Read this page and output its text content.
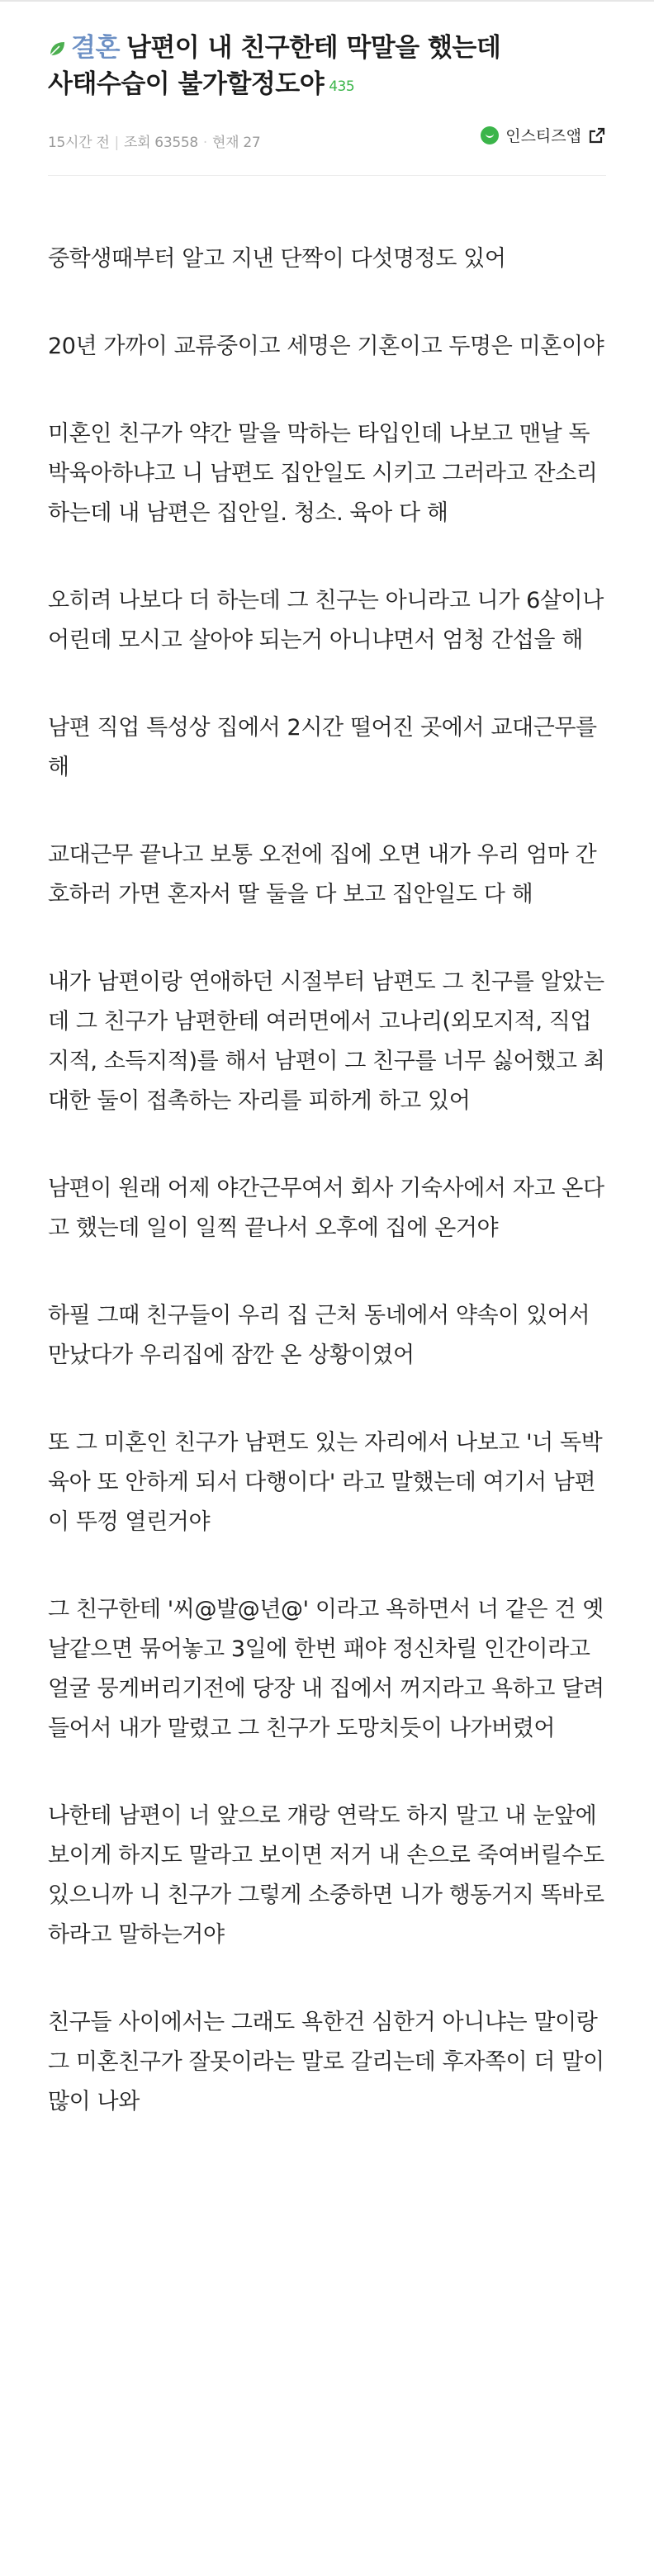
결혼 남편이 내 친구한테 막말을 했는데 사태수습이 불가할정도야 435
15시간 전 | 조회 63558 · 현재 27	인스티즈앱

중학생때부터 알고 지낸 단짝이 다섯명정도 있어

20년 가까이 교류중이고 세명은 기혼이고 두명은 미혼이야

미혼인 친구가 약간 말을 막하는 타입인데 나보고 맨날 독박육아하냐고 니 남편도 집안일도 시키고 그러라고 잔소리하는데 내 남편은 집안일. 청소. 육아 다 해

오히려 나보다 더 하는데 그 친구는 아니라고 니가 6살이나 어린데 모시고 살아야 되는거 아니냐면서 엄청 간섭을 해

남편 직업 특성상 집에서 2시간 떨어진 곳에서 교대근무를 해

교대근무 끝나고 보통 오전에 집에 오면 내가 우리 엄마 간호하러 가면 혼자서 딸 둘을 다 보고 집안일도 다 해

내가 남편이랑 연애하던 시절부터 남편도 그 친구를 알았는데 그 친구가 남편한테 여러면에서 고나리(외모지적, 직업지적, 소득지적)를 해서 남편이 그 친구를 너무 싫어했고 최대한 둘이 접촉하는 자리를 피하게 하고 있어

남편이 원래 어제 야간근무여서 회사 기숙사에서 자고 온다고 했는데 일이 일찍 끝나서 오후에 집에 온거야

하필 그때 친구들이 우리 집 근처 동네에서 약속이 있어서 만났다가 우리집에 잠깐 온 상황이였어

또 그 미혼인 친구가 남편도 있는 자리에서 나보고 '너 독박육아 또 안하게 되서 다행이다' 라고 말했는데 여기서 남편이 뚜껑 열린거야

그 친구한테 '씨@발@년@' 이라고 욕하면서 너 같은 건 옛날같으면 묶어놓고 3일에 한번 패야 정신차릴 인간이라고 얼굴 뭉게버리기전에 당장 내 집에서 꺼지라고 욕하고 달려들어서 내가 말렸고 그 친구가 도망치듯이 나가버렸어

나한테 남편이 너 앞으로 걔랑 연락도 하지 말고 내 눈앞에 보이게 하지도 말라고 보이면 저거 내 손으로 죽여버릴수도 있으니까 니 친구가 그렇게 소중하면 니가 행동거지 똑바로 하라고 말하는거야

친구들 사이에서는 그래도 욕한건 심한거 아니냐는 말이랑 그 미혼친구가 잘못이라는 말로 갈리는데 후자쪽이 더 말이 많이 나와
